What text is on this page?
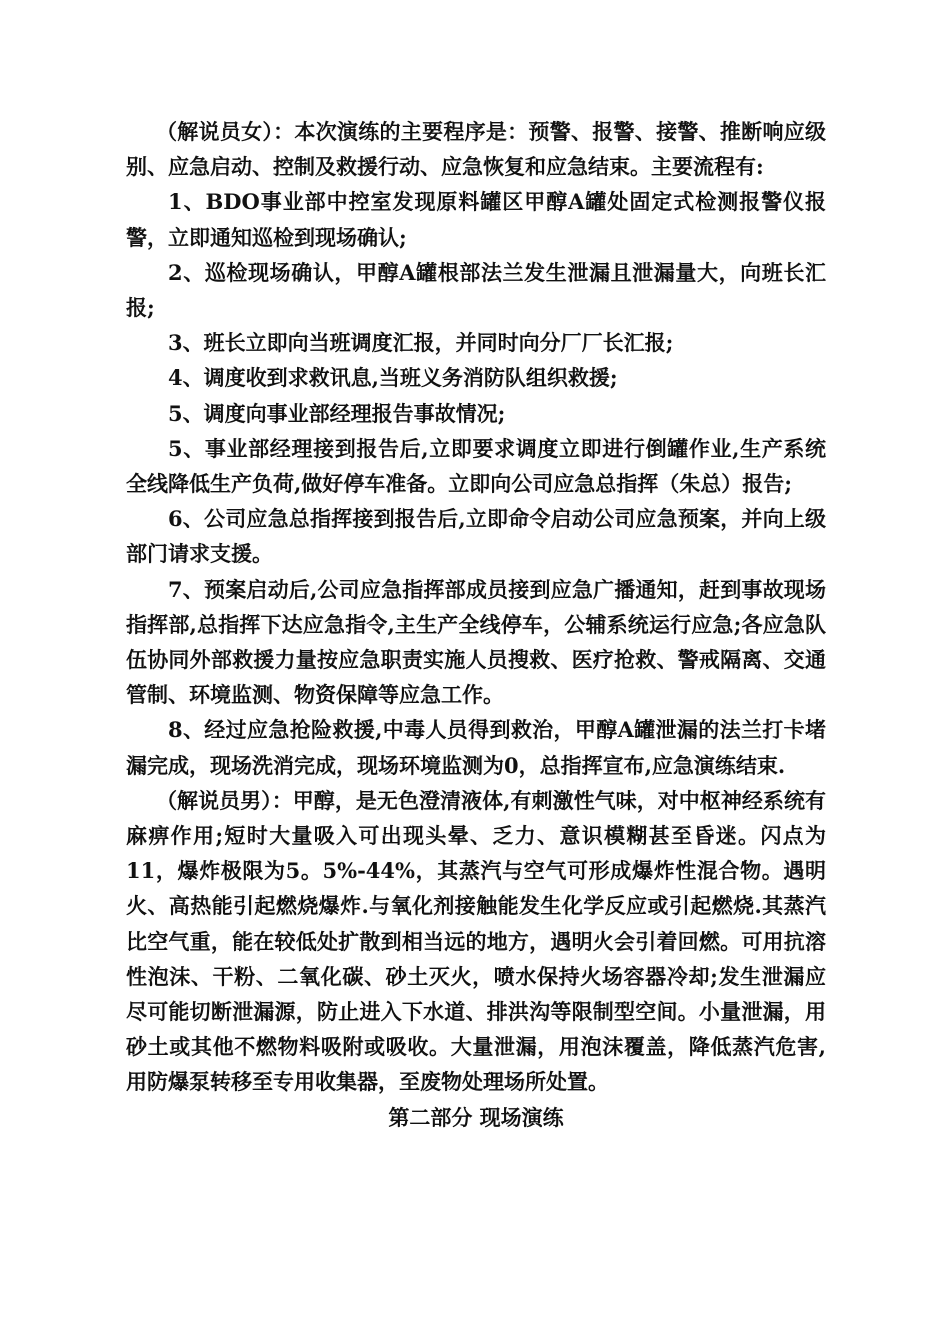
（解说员女）：本次演练的主要程序是：预警、报警、接警、推断响应级别、应急启动、控制及救援行动、应急恢复和应急结束。主要流程有:

1、BDO事业部中控室发现原料罐区甲醇A罐处固定式检测报警仪报警，立即通知巡检到现场确认;

2、巡检现场确认，甲醇A罐根部法兰发生泄漏且泄漏量大，向班长汇报;

3、班长立即向当班调度汇报，并同时向分厂厂长汇报;

4、调度收到求救讯息,当班义务消防队组织救援;

5、调度向事业部经理报告事故情况;

5、事业部经理接到报告后,立即要求调度立即进行倒罐作业,生产系统全线降低生产负荷,做好停车准备。立即向公司应急总指挥（朱总）报告;

6、公司应急总指挥接到报告后,立即命令启动公司应急预案，并向上级部门请求支援。

7、预案启动后,公司应急指挥部成员接到应急广播通知，赶到事故现场指挥部,总指挥下达应急指令,主生产全线停车，公辅系统运行应急;各应急队伍协同外部救援力量按应急职责实施人员搜救、医疗抢救、警戒隔离、交通管制、环境监测、物资保障等应急工作。

8、经过应急抢险救援,中毒人员得到救治，甲醇A罐泄漏的法兰打卡堵漏完成，现场洗消完成，现场环境监测为0，总指挥宣布,应急演练结束.

（解说员男）：甲醇，是无色澄清液体,有刺激性气味，对中枢神经系统有麻痹作用;短时大量吸入可出现头晕、乏力、意识模糊甚至昏迷。闪点为11，爆炸极限为5。5%-44%，其蒸汽与空气可形成爆炸性混合物。遇明火、高热能引起燃烧爆炸.与氧化剂接触能发生化学反应或引起燃烧.其蒸汽比空气重，能在较低处扩散到相当远的地方，遇明火会引着回燃。可用抗溶性泡沫、干粉、二氧化碳、砂土灭火，喷水保持火场容器冷却;发生泄漏应尽可能切断泄漏源，防止进入下水道、排洪沟等限制型空间。小量泄漏，用砂土或其他不燃物料吸附或吸收。大量泄漏，用泡沫覆盖，降低蒸汽危害,用防爆泵转移至专用收集器，至废物处理场所处置。

第二部分 现场演练
